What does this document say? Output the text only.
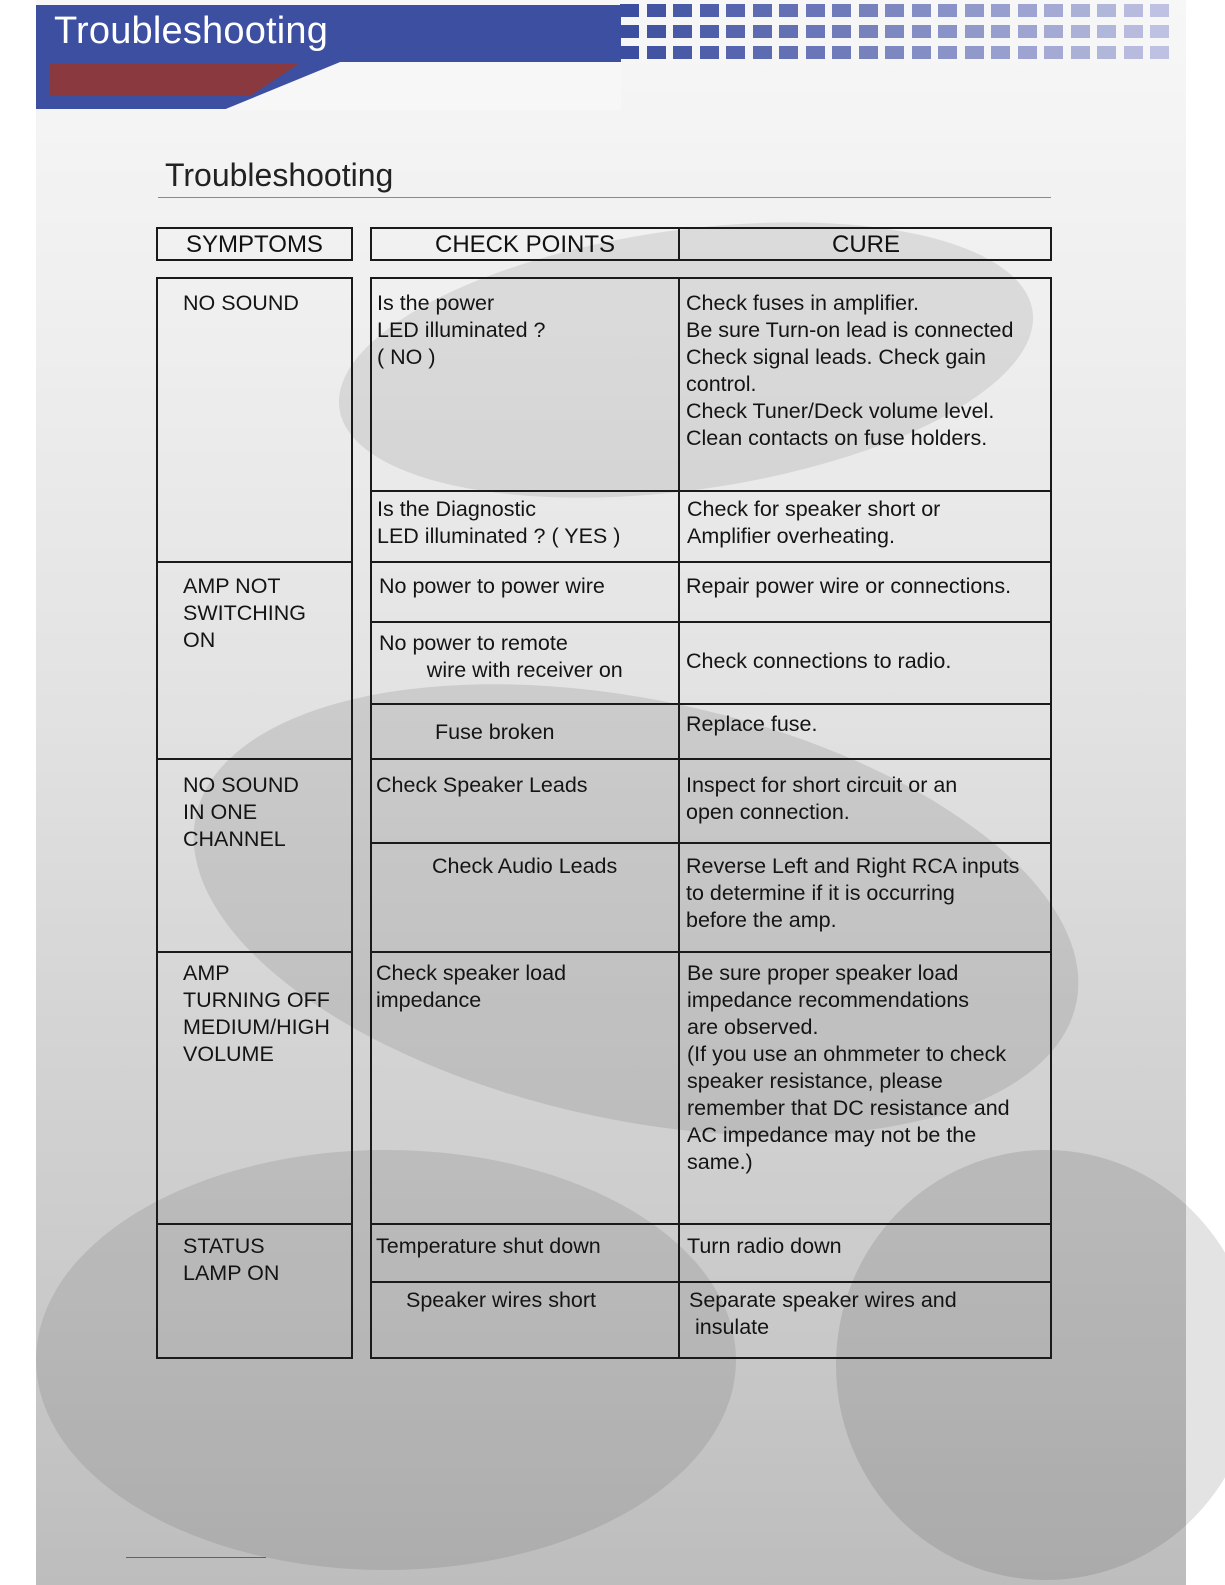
Troubleshooting
Troubleshooting
SYMPTOMS	CHECK POINTS	CURE
NO SOUND
AMP NOT
SWITCHING
ON
NO SOUND
IN ONE
CHANNEL
AMP
TURNING OFF
MEDIUM/HIGH
VOLUME
STATUS
LAMP ON
Is the power
LED illuminated ?
( NO )
Is the Diagnostic
LED illuminated ? ( YES )
No power to power wire
No power to remote
wire with receiver on
Fuse broken
Check Speaker Leads
Check Audio Leads
Check speaker load
impedance
Temperature shut down
Speaker wires short
Check fuses in amplifier.
Be sure Turn-on lead is connected
Check signal leads. Check gain
control.
Check Tuner/Deck volume level.
Clean contacts on fuse holders.
Check for speaker short or
Amplifier overheating.
Repair power wire or connections.
Check connections to radio.
Replace fuse.
Inspect for short circuit or an
open connection.
Reverse Left and Right RCA inputs
to determine if it is occurring
before the amp.
Be sure proper speaker load
impedance recommendations
are observed.
(If you use an ohmmeter to check
speaker resistance, please
remember that DC resistance and
AC impedance may not be the
same.)
Turn radio down
Separate speaker wires and
insulate
